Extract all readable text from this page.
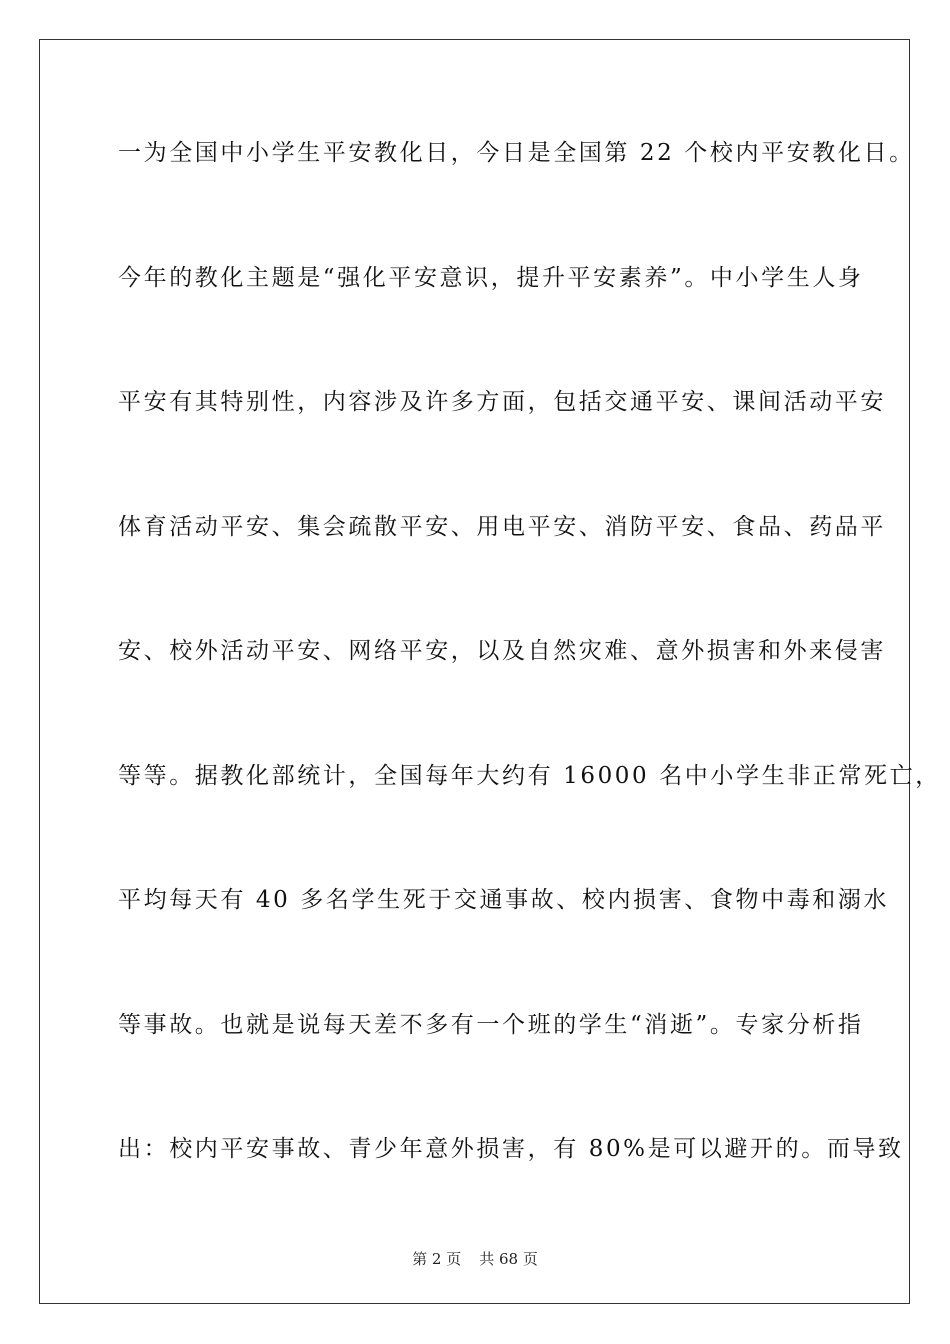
一为全国中小学生平安教化日，今日是全国第 22 个校内平安教化日。
今年的教化主题是“强化平安意识，提升平安素养”。中小学生人身
平安有其特别性，内容涉及许多方面，包括交通平安、课间活动平安
体育活动平安、集会疏散平安、用电平安、消防平安、食品、药品平
安、校外活动平安、网络平安，以及自然灾难、意外损害和外来侵害
等等。据教化部统计，全国每年大约有 16000 名中小学生非正常死亡，
平均每天有 40 多名学生死于交通事故、校内损害、食物中毒和溺水
等事故。也就是说每天差不多有一个班的学生“消逝”。专家分析指
出：校内平安事故、青少年意外损害，有 80%是可以避开的。而导致
第 2 页 共 68 页
